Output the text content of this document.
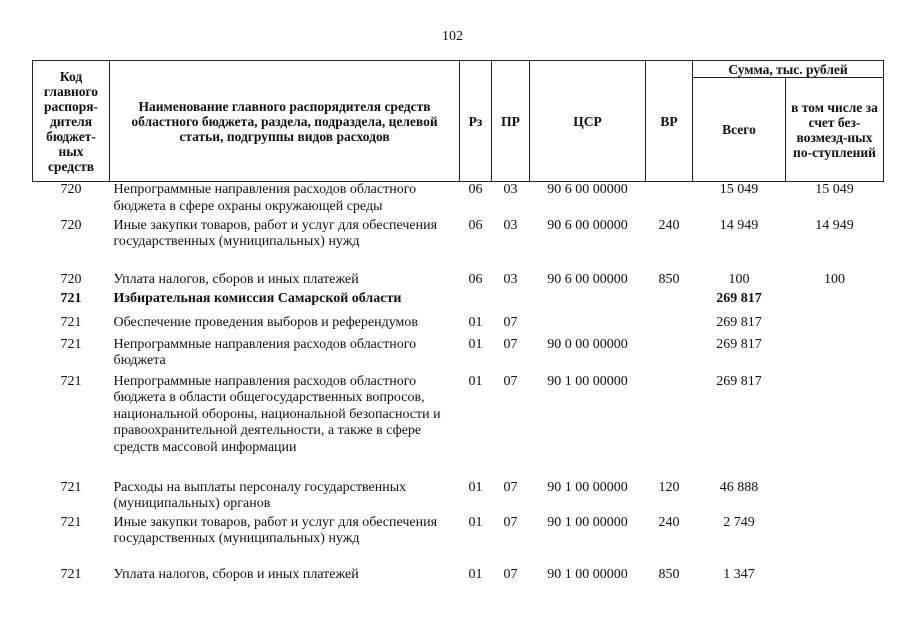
102
Код главного распоря-дителя бюджет-ных средств	Наименование главного распорядителя средств областного бюджета, раздела, подраздела, целевой статьи, подгруппы видов расходов	Рз	ПР	ЦСР	ВР	Сумма, тыс. рублей	
						Всего	в том числе за счет без-возмезд-ных по-ступлений
720	Непрограммные направления расходов областного бюджета в сфере охраны окружающей среды	06	03	90 6 00 00000		15 049	15 049
720	Иные закупки товаров, работ и услуг для обеспечения государственных (муниципальных) нужд	06	03	90 6 00 00000	240	14 949	14 949
720	Уплата налогов, сборов и иных платежей	06	03	90 6 00 00000	850	100	100
721	Избирательная комиссия Самарской области					269 817	
721	Обеспечение проведения выборов и референдумов	01	07			269 817	
721	Непрограммные направления расходов областного бюджета	01	07	90 0 00 00000		269 817	
721	Непрограммные направления расходов областного бюджета в области общегосударственных вопросов, национальной обороны, национальной безопасности и правоохранительной деятельности, а также в сфере средств массовой информации	01	07	90 1 00 00000		269 817	
721	Расходы на выплаты персоналу государственных (муниципальных) органов	01	07	90 1 00 00000	120	46 888	
721	Иные закупки товаров, работ и услуг для обеспечения государственных (муниципальных) нужд	01	07	90 1 00 00000	240	2 749	
721	Уплата налогов, сборов и иных платежей	01	07	90 1 00 00000	850	1 347	
